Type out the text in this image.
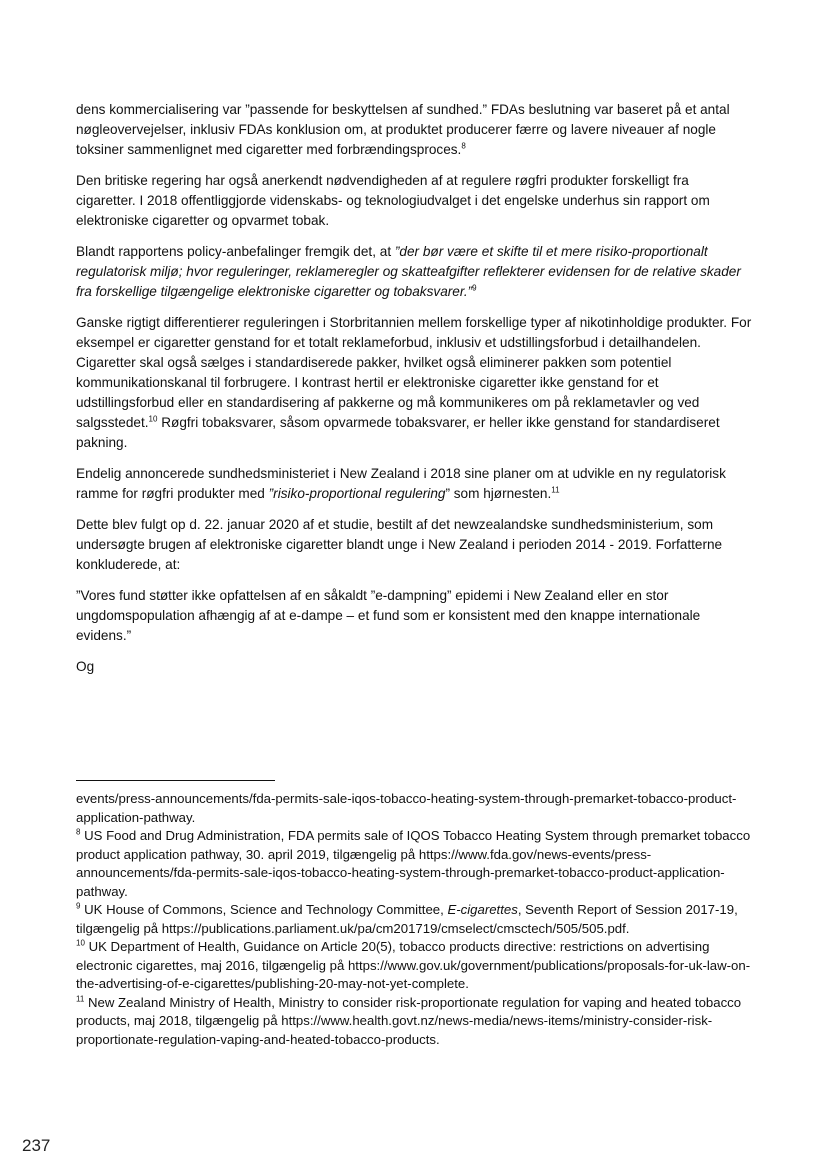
dens kommercialisering var ”passende for beskyttelsen af sundhed.” FDAs beslutning var baseret på et antal nøgleovervejelser, inklusiv FDAs konklusion om, at produktet producerer færre og lavere niveauer af nogle toksiner sammenlignet med cigaretter med forbrændingsproces.$^8$

Den britiske regering har også anerkendt nødvendigheden af at regulere røgfri produkter forskelligt fra cigaretter. I 2018 offentliggjorde videnskabs- og teknologiudvalget i det engelske underhus sin rapport om elektroniske cigaretter og opvarmet tobak.

Blandt rapportens policy-anbefalinger fremgik det, at ”der bør være et skifte til et mere risiko-proportionalt regulatorisk miljø; hvor reguleringer, reklameregler og skatteafgifter reflekterer evidensen for de relative skader fra forskellige tilgængelige elektroniske cigaretter og tobaksvarer.”$^9$

Ganske rigtigt differentierer reguleringen i Storbritannien mellem forskellige typer af nikotinholdige produkter. For eksempel er cigaretter genstand for et totalt reklameforbud, inklusiv et udstillingsforbud i detailhandelen. Cigaretter skal også sælges i standardiserede pakker, hvilket også eliminerer pakken som potentiel kommunikationskanal til forbrugere. I kontrast hertil er elektroniske cigaretter ikke genstand for et udstillingsforbud eller en standardisering af pakkerne og må kommunikeres om på reklametavler og ved salgsstedet.$^{10}$ Røgfri tobaksvarer, såsom opvarmede tobaksvarer, er heller ikke genstand for standardiseret pakning.

Endelig annoncerede sundhedsministeriet i New Zealand i 2018 sine planer om at udvikle en ny regulatorisk ramme for røgfri produkter med ”risiko-proportional regulering” som hjørnesten.$^{11}$

Dette blev fulgt op d. 22. januar 2020 af et studie, bestilt af det newzealandske sundhedsministerium, som undersøgte brugen af elektroniske cigaretter blandt unge i New Zealand i perioden 2014 - 2019. Forfatterne konkluderede, at:

”Vores fund støtter ikke opfattelsen af en såkaldt ”e-dampning” epidemi i New Zealand eller en stor ungdomspopulation afhængig af at e-dampe – et fund som er konsistent med den knappe internationale evidens.”

Og

events/press-announcements/fda-permits-sale-iqos-tobacco-heating-system-through-premarket-tobacco-product-application-pathway.

$^8$ US Food and Drug Administration, FDA permits sale of IQOS Tobacco Heating System through premarket tobacco product application pathway, 30. april 2019, tilgængelig på https://www.fda.gov/news-events/press-announcements/fda-permits-sale-iqos-tobacco-heating-system-through-premarket-tobacco-product-application-pathway.

$^9$ UK House of Commons, Science and Technology Committee, E-cigarettes, Seventh Report of Session 2017-19, tilgængelig på https://publications.parliament.uk/pa/cm201719/cmselect/cmsctech/505/505.pdf.

$^{10}$ UK Department of Health, Guidance on Article 20(5), tobacco products directive: restrictions on advertising electronic cigarettes, maj 2016, tilgængelig på https://www.gov.uk/government/publications/proposals-for-uk-law-on-the-advertising-of-e-cigarettes/publishing-20-may-not-yet-complete.

$^{11}$ New Zealand Ministry of Health, Ministry to consider risk-proportionate regulation for vaping and heated tobacco products, maj 2018, tilgængelig på https://www.health.govt.nz/news-media/news-items/ministry-consider-risk-proportionate-regulation-vaping-and-heated-tobacco-products.

237
